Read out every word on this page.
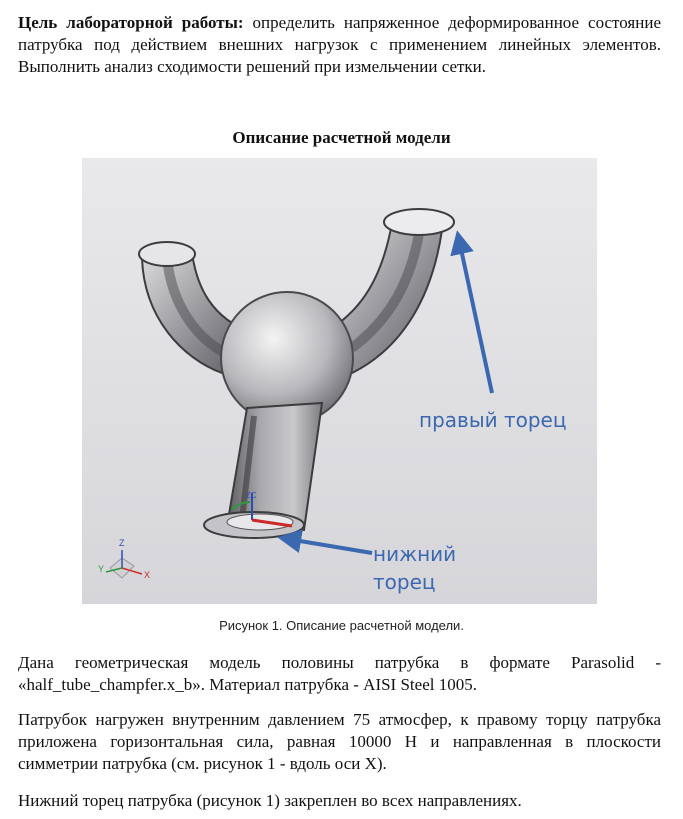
Цель лабораторной работы: определить напряженное деформированное состояние патрубка под действием внешних нагрузок с применением линейных элементов. Выполнить анализ сходимости решений при измельчении сетки.
Описание расчетной модели
ZC
правый торец
нижний
торец
X
Y
Z
Рисунок 1. Описание расчетной модели.
Дана геометрическая модель половины патрубка в формате Parasolid - «half_tube_champfer.x_b». Материал патрубка - AISI Steel 1005.
Патрубок нагружен внутренним давлением 75 атмосфер, к правому торцу патрубка приложена горизонтальная сила, равная 10000 Н и направленная в плоскости симметрии патрубка (см. рисунок 1 - вдоль оси X).
Нижний торец патрубка (рисунок 1) закреплен во всех направлениях.
